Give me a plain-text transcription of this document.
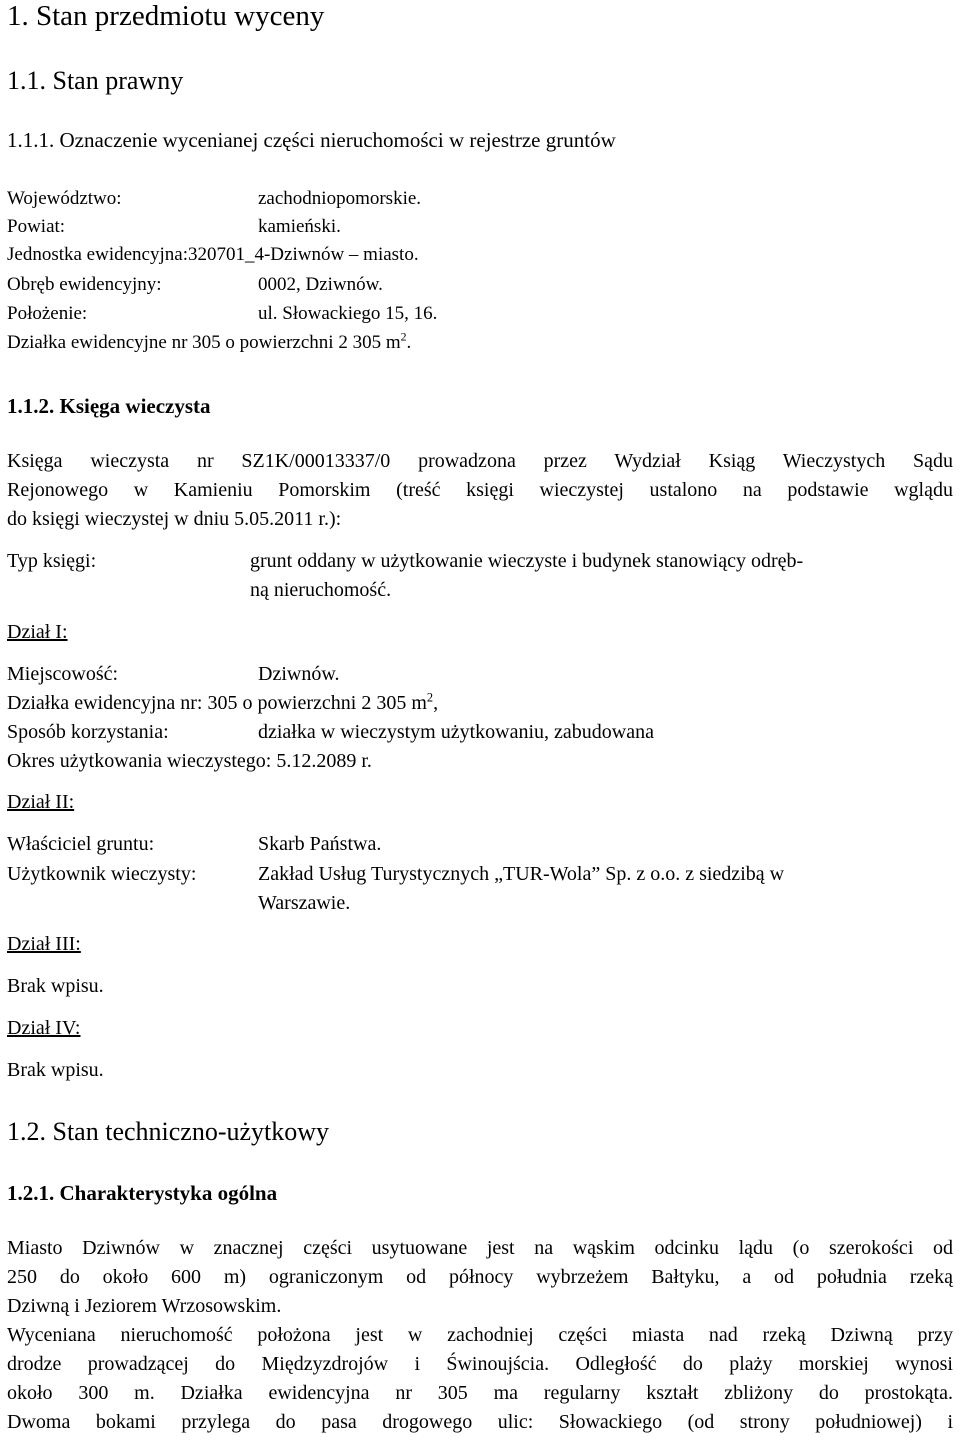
1. Stan przedmiotu wyceny
1.1. Stan prawny
1.1.1. Oznaczenie wycenianej części nieruchomości w rejestrze gruntów
Województwo:	zachodniopomorskie.
Powiat:	kamieński.
Jednostka ewidencyjna:320701_4-Dziwnów – miasto.
Obręb ewidencyjny:	0002, Dziwnów.
Położenie:	ul. Słowackiego 15, 16.
Działka ewidencyjne nr 305 o powierzchni 2 305 $m^2$.
1.1.2. Księga wieczysta
Księga wieczysta nr SZ1K/00013337/0 prowadzona przez Wydział Ksiąg Wieczystych Sądu
Rejonowego w Kamieniu Pomorskim (treść księgi wieczystej ustalono na podstawie wglądu
do księgi wieczystej w dniu 5.05.2011 r.):
Typ księgi:	grunt oddany w użytkowanie wieczyste i budynek stanowiący odręb-
ną nieruchomość.
Dział I:
Miejscowość:	Dziwnów.
Działka ewidencyjna nr: 305 o powierzchni 2 305 $m^2$,
Sposób korzystania:	działka w wieczystym użytkowaniu, zabudowana
Okres użytkowania wieczystego: 5.12.2089 r.
Dział II:
Właściciel gruntu:	Skarb Państwa.
Użytkownik wieczysty:	Zakład Usług Turystycznych „TUR-Wola” Sp. z o.o. z siedzibą w
Warszawie.
Dział III:
Brak wpisu.
Dział IV:
Brak wpisu.
1.2. Stan techniczno-użytkowy
1.2.1. Charakterystyka ogólna
Miasto Dziwnów w znacznej części usytuowane jest na wąskim odcinku lądu (o szerokości od
250 do około 600 m) ograniczonym od północy wybrzeżem Bałtyku, a od południa rzeką
Dziwną i Jeziorem Wrzosowskim.
Wyceniana nieruchomość położona jest w zachodniej części miasta nad rzeką Dziwną przy
drodze prowadzącej do Międzyzdrojów i Świnoujścia. Odległość do plaży morskiej wynosi
około 300 m. Działka ewidencyjna nr 305 ma regularny kształt zbliżony do prostokąta.
Dwoma bokami przylega do pasa drogowego ulic: Słowackiego (od strony południowej) i
